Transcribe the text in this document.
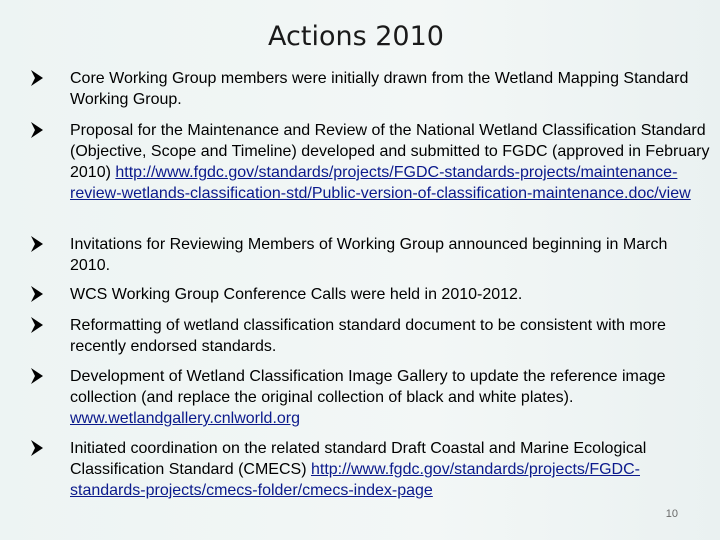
Actions 2010

Core Working Group members were initially drawn from the Wetland Mapping Standard Working Group.

Proposal for the Maintenance and Review of the National Wetland Classification Standard (Objective, Scope and Timeline) developed and submitted to FGDC (approved in February 2010) http://www.fgdc.gov/standards/projects/FGDC-standards-projects/maintenance-review-wetlands-classification-std/Public-version-of-classification-maintenance.doc/view

Invitations for Reviewing Members of Working Group announced beginning in March 2010.

WCS Working Group Conference Calls were held in 2010-2012.

Reformatting of wetland classification standard document to be consistent with more recently endorsed standards.

Development of Wetland Classification Image Gallery to update the reference image collection (and replace the original collection of black and white plates). www.wetlandgallery.cnlworld.org

Initiated coordination on the related standard Draft Coastal and Marine Ecological Classification Standard (CMECS) http://www.fgdc.gov/standards/projects/FGDC-standards-projects/cmecs-folder/cmecs-index-page

10
